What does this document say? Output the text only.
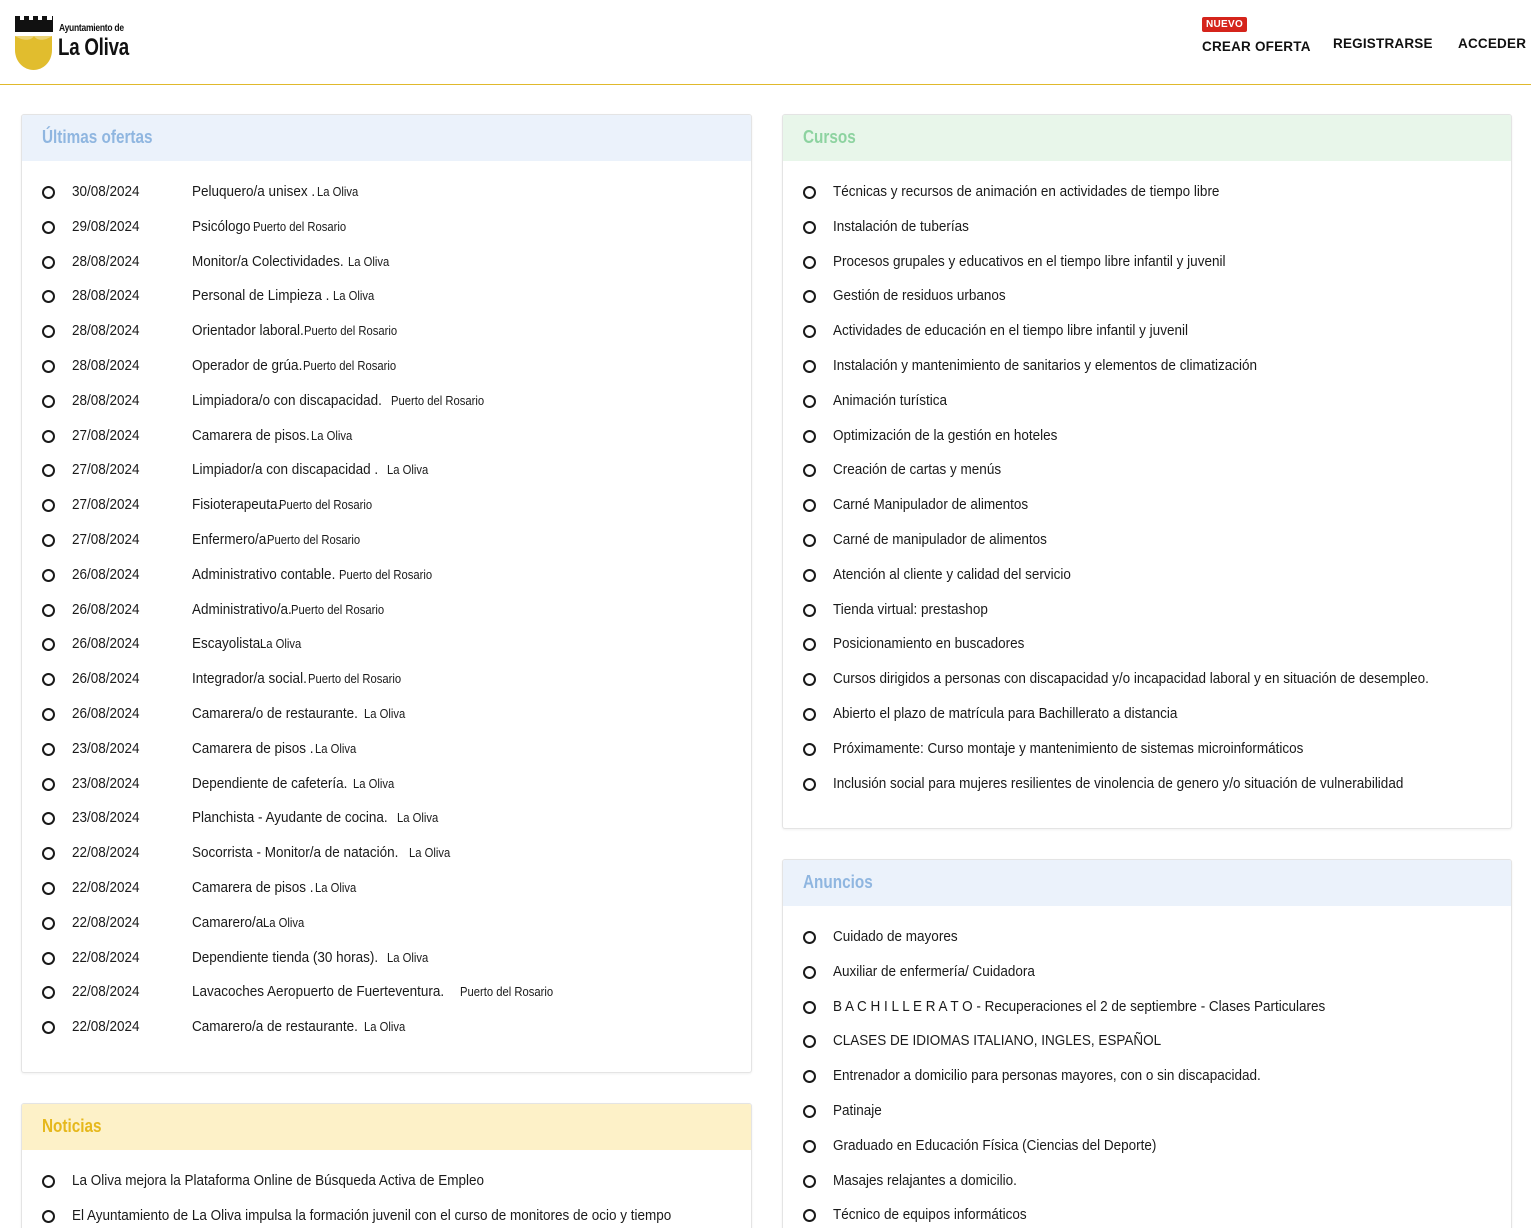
Ayuntamiento de
La Oliva
NUEVO
CREAR OFERTA REGISTRARSE ACCEDER
Últimas ofertas
30/08/2024	Peluquero/a unisex . La Oliva
29/08/2024	Psicólogo .Puerto del Rosario
28/08/2024	Monitor/a Colectividades. La Oliva
28/08/2024	Personal de Limpieza . La Oliva
28/08/2024	Orientador laboral.Puerto del Rosario
28/08/2024	Operador de grúa.Puerto del Rosario
28/08/2024	Limpiadora/o con discapacidad. Puerto del Rosario
27/08/2024	Camarera de pisos.La Oliva
27/08/2024	Limpiador/a con discapacidad . La Oliva
27/08/2024	Fisioterapeuta.Puerto del Rosario
27/08/2024	Enfermero/a.Puerto del Rosario
26/08/2024	Administrativo contable. Puerto del Rosario
26/08/2024	Administrativo/a.Puerto del Rosario
26/08/2024	Escayolista.La Oliva
26/08/2024	Integrador/a social.Puerto del Rosario
26/08/2024	Camarera/o de restaurante. La Oliva
23/08/2024	Camarera de pisos . La Oliva
23/08/2024	Dependiente de cafetería. La Oliva
23/08/2024	Planchista - Ayudante de cocina. La Oliva
22/08/2024	Socorrista - Monitor/a de natación. La Oliva
22/08/2024	Camarera de pisos . La Oliva
22/08/2024	Camarero/a.La Oliva
22/08/2024	Dependiente tienda (30 horas). La Oliva
22/08/2024	Lavacoches Aeropuerto de Fuerteventura. Puerto del Rosario
22/08/2024	Camarero/a de restaurante. La Oliva
Noticias
La Oliva mejora la Plataforma Online de Búsqueda Activa de Empleo
El Ayuntamiento de La Oliva impulsa la formación juvenil con el curso de monitores de ocio y tiempo
Cursos
Técnicas y recursos de animación en actividades de tiempo libre
Instalación de tuberías
Procesos grupales y educativos en el tiempo libre infantil y juvenil
Gestión de residuos urbanos
Actividades de educación en el tiempo libre infantil y juvenil
Instalación y mantenimiento de sanitarios y elementos de climatización
Animación turística
Optimización de la gestión en hoteles
Creación de cartas y menús
Carné Manipulador de alimentos
Carné de manipulador de alimentos
Atención al cliente y calidad del servicio
Tienda virtual: prestashop
Posicionamiento en buscadores
Cursos dirigidos a personas con discapacidad y/o incapacidad laboral y en situación de desempleo.
Abierto el plazo de matrícula para Bachillerato a distancia
Próximamente: Curso montaje y mantenimiento de sistemas microinformáticos
Inclusión social para mujeres resilientes de vinolencia de genero y/o situación de vulnerabilidad
Anuncios
Cuidado de mayores
Auxiliar de enfermería/ Cuidadora
B A C H I L L E R A T O - Recuperaciones el 2 de septiembre - Clases Particulares
CLASES DE IDIOMAS ITALIANO, INGLES, ESPAÑOL
Entrenador a domicilio para personas mayores, con o sin discapacidad.
Patinaje
Graduado en Educación Física (Ciencias del Deporte)
Masajes relajantes a domicilio.
Técnico de equipos informáticos
